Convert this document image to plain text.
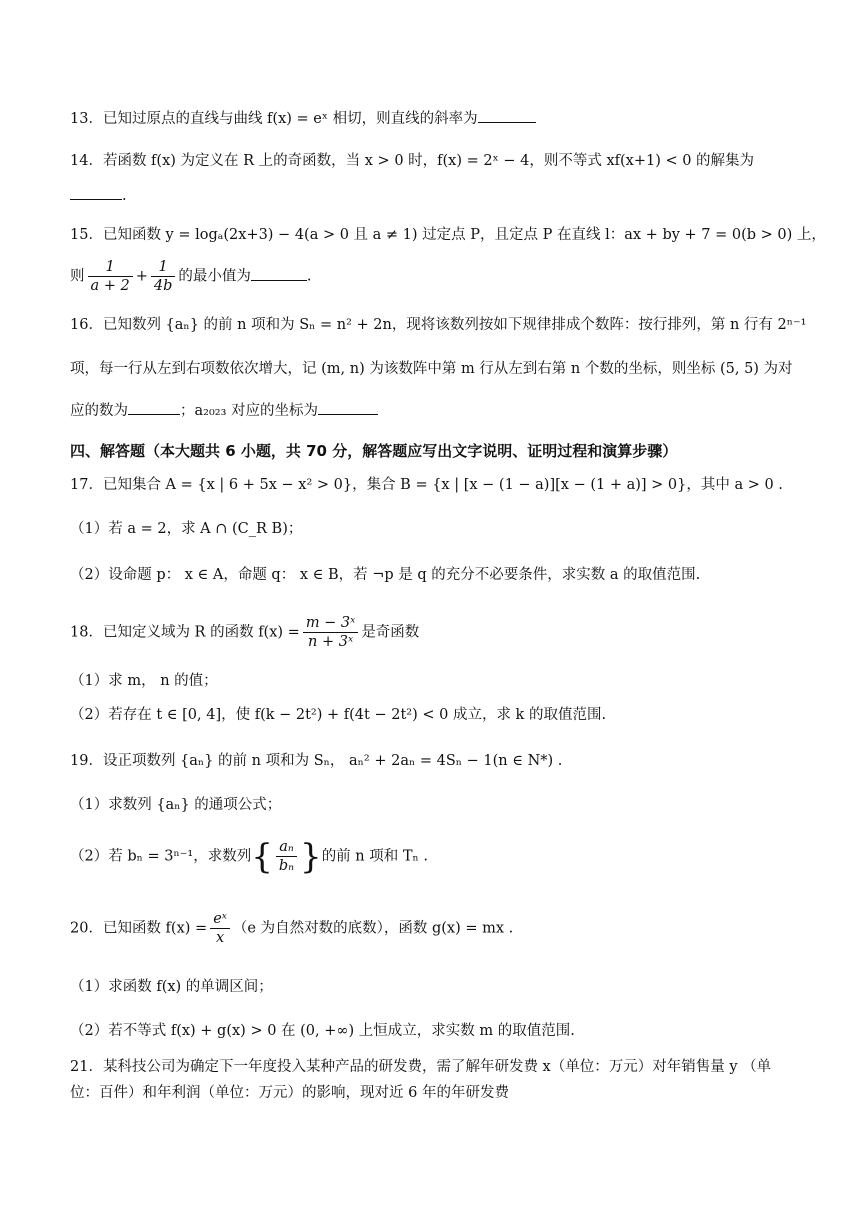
13．已知过原点的直线与曲线 f(x) = eˣ 相切，则直线的斜率为
14．若函数 f(x) 为定义在 R 上的奇函数，当 x > 0 时，f(x) = 2ˣ − 4，则不等式 xf(x+1) < 0 的解集为
.
15．已知函数 y = logₐ(2x+3) − 4(a > 0 且 a ≠ 1) 过定点 P，且定点 P 在直线 l：ax + by + 7 = 0(b > 0) 上，
则 $\frac{1}{a + 2} + \frac{1}{4b}$ 的最小值为	.
16．已知数列 {aₙ} 的前 n 项和为 Sₙ = n² + 2n，现将该数列按如下规律排成个数阵：按行排列，第 n 行有 2ⁿ⁻¹
项，每一行从左到右项数依次增大，记 (m, n) 为该数阵中第 m 行从左到右第 n 个数的坐标，则坐标 (5, 5) 为对
应的数为	；a₂₀₂₃ 对应的坐标为
四、解答题（本大题共 6 小题，共 70 分，解答题应写出文字说明、证明过程和演算步骤）
17．已知集合 A = {x | 6 + 5x − x² > 0}，集合 B = {x | [x − (1 − a)][x − (1 + a)] > 0}，其中 a > 0 .
（1）若 a = 2，求 A ∩ (C_R B)；
（2）设命题 p： x ∈ A，命题 q： x ∈ B，若 ¬p 是 q 的充分不必要条件，求实数 a 的取值范围.
18．已知定义域为 R 的函数 $f(x) = \frac{\text{m − 3ˣ}}{\text{n + 3ˣ}}$ 是奇函数
（1）求 m， n 的值；
（2）若存在 t ∈ [0, 4]，使 f(k − 2t²) + f(4t − 2t²) < 0 成立，求 k 的取值范围.
19．设正项数列 {aₙ} 的前 n 项和为 Sₙ， aₙ² + 2aₙ = 4Sₙ − 1(n ∈ N*) .
（1）求数列 {aₙ} 的通项公式；
（2）若 bₙ = 3ⁿ⁻¹，求数列{ $\frac{\text{aₙ}}{\text{bₙ}}$ }的前 n 项和 Tₙ .
20．已知函数 $f(x) = \frac{\text{eˣ}}{x} (e$ 为自然对数的底数），函数 g(x) = mx .
（1）求函数 f(x) 的单调区间；
（2）若不等式 f(x) + g(x) > 0 在 (0, +∞) 上恒成立，求实数 m 的取值范围.
21．某科技公司为确定下一年度投入某种产品的研发费，需了解年研发费 x（单位：万元）对年销售量 y （单
位：百件）和年利润（单位：万元）的影响，现对近 6 年的年研发费
